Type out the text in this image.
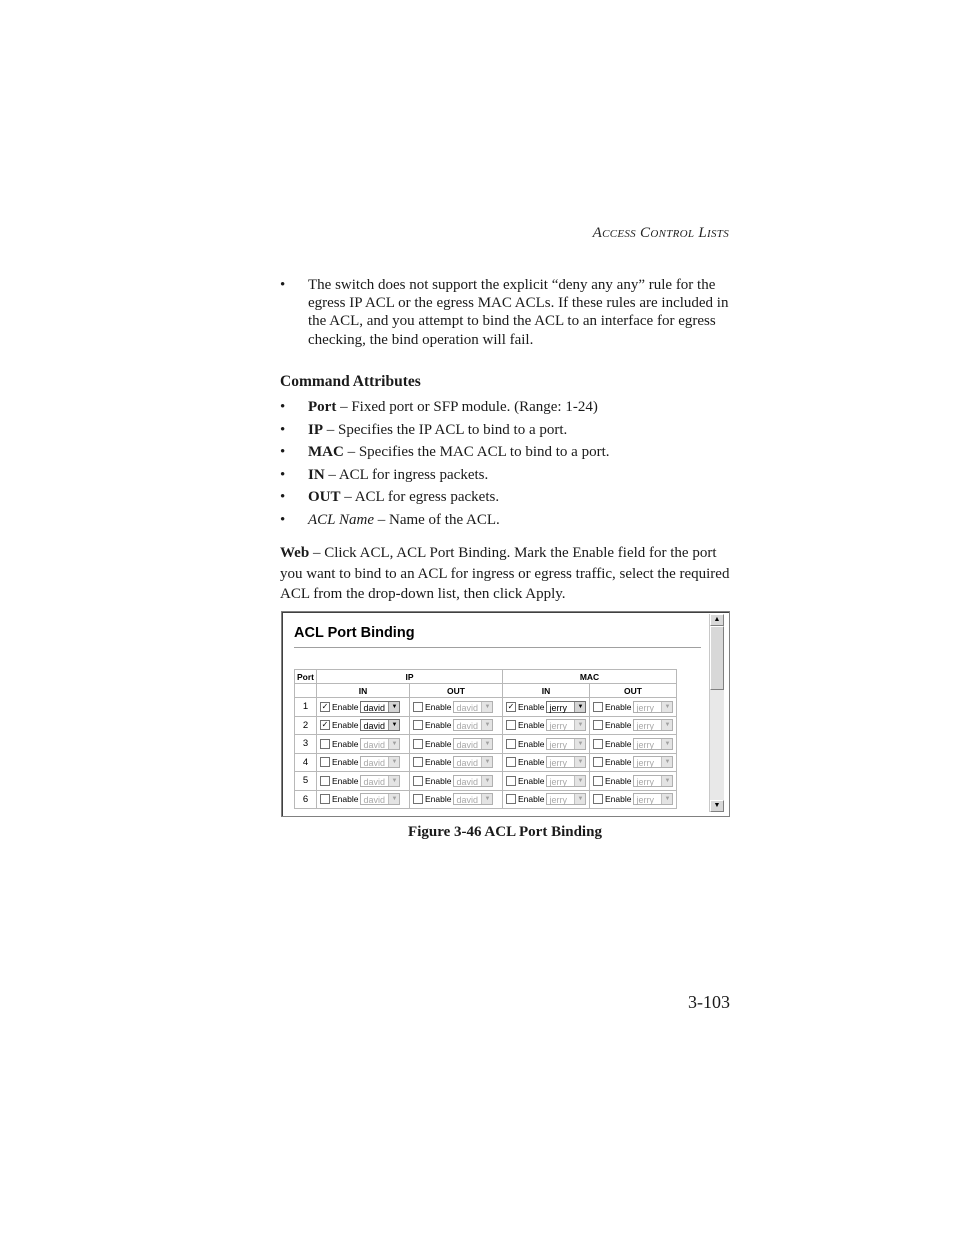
Access Control Lists
• The switch does not support the explicit “deny any any” rule for the egress IP ACL or the egress MAC ACLs. If these rules are included in the ACL, and you attempt to bind the ACL to an interface for egress checking, the bind operation will fail.
Command Attributes
• Port – Fixed port or SFP module. (Range: 1-24)
• IP – Specifies the IP ACL to bind to a port.
• MAC – Specifies the MAC ACL to bind to a port.
• IN – ACL for ingress packets.
• OUT – ACL for egress packets.
• ACL Name – Name of the ACL.
Web – Click ACL, ACL Port Binding. Mark the Enable field for the port you want to bind to an ACL for ingress or egress traffic, select the required ACL from the drop-down list, then click Apply.
ACL Port Binding
Port	IP		MAC	
	IN	OUT	IN	OUT
1	✓ Enable david ▼	Enable david ▼	✓ Enable jerry ▼	Enable jerry ▼

2	✓ Enable david ▼	Enable david ▼	Enable jerry ▼	Enable jerry ▼

3	Enable david ▼	Enable david ▼	Enable jerry ▼	Enable jerry ▼

4	Enable david ▼	Enable david ▼	Enable jerry ▼	Enable jerry ▼

5	Enable david ▼	Enable david ▼	Enable jerry ▼	Enable jerry ▼

6	Enable david ▼	Enable david ▼	Enable jerry ▼	Enable jerry ▼
▲
▼
Figure 3-46 ACL Port Binding
3-103
